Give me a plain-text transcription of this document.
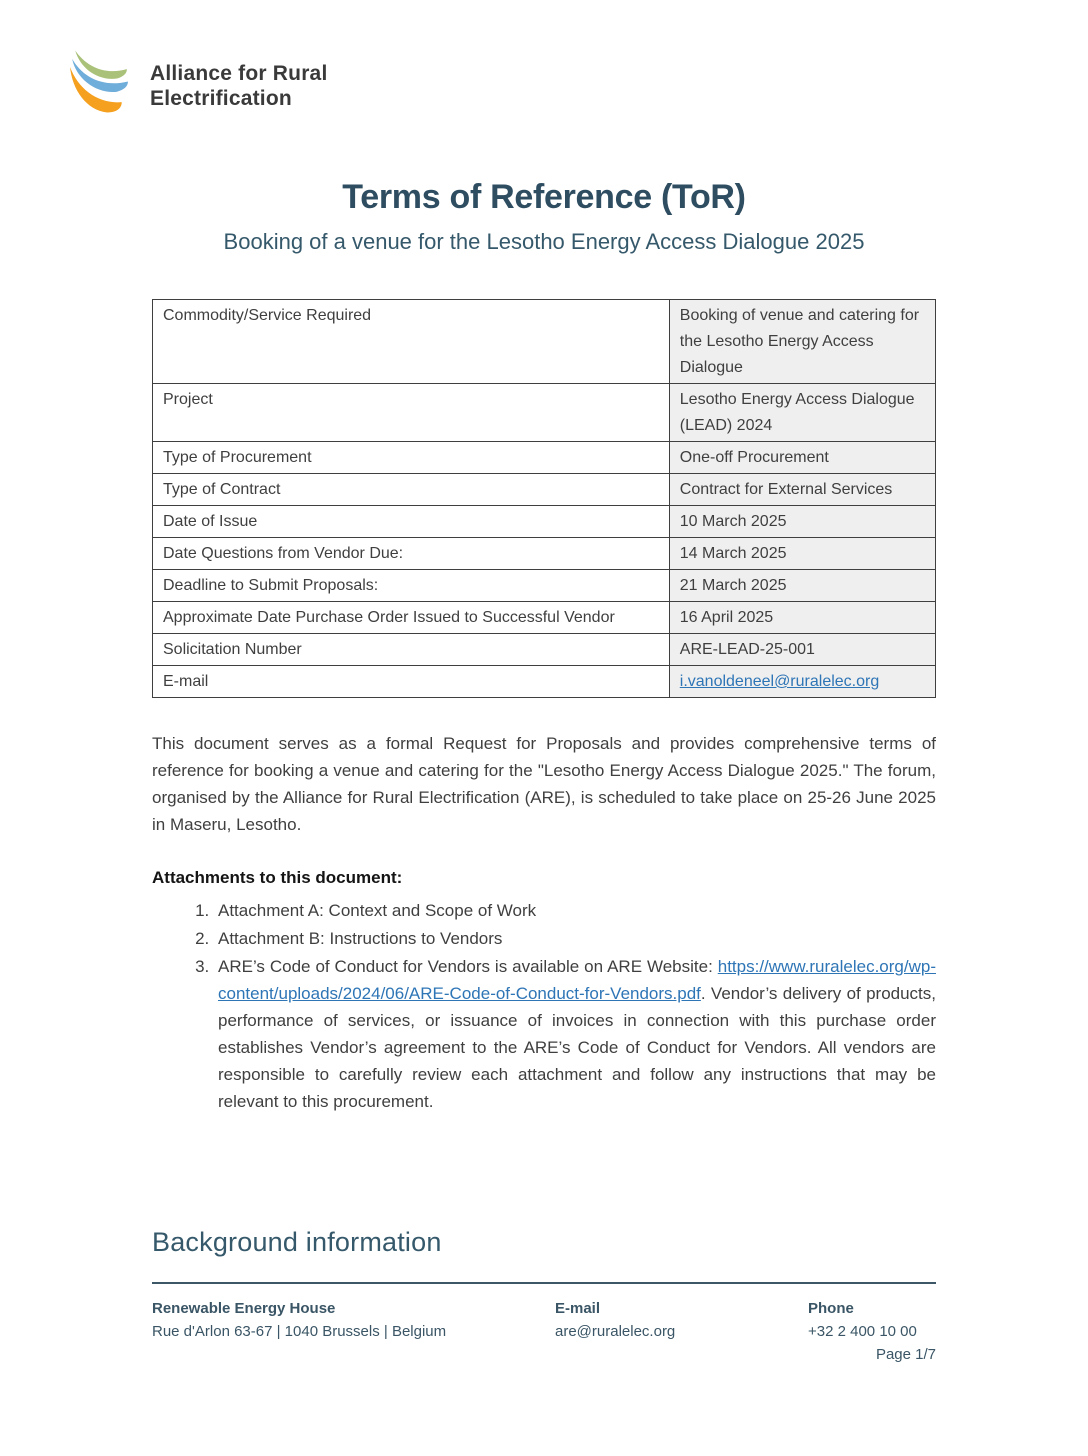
Alliance for Rural
Electrification
Terms of Reference (ToR)
Booking of a venue for the Lesotho Energy Access Dialogue 2025
Commodity/Service Required	Booking of venue and catering for the Lesotho Energy Access Dialogue

Project	Lesotho Energy Access Dialogue (LEAD) 2024

Type of Procurement	One-off Procurement

Type of Contract	Contract for External Services

Date of Issue	10 March 2025

Date Questions from Vendor Due:	14 March 2025

Deadline to Submit Proposals:	21 March 2025

Approximate Date Purchase Order Issued to Successful Vendor	16 April 2025

Solicitation Number	ARE-LEAD-25-001

E-mail	i.vanoldeneel@ruralelec.org

This document serves as a formal Request for Proposals and provides comprehensive terms of reference for booking a venue and catering for the "Lesotho Energy Access Dialogue 2025." The forum, organised by the Alliance for Rural Electrification (ARE), is scheduled to take place on 25-26 June 2025 in Maseru, Lesotho.

Attachments to this document:
1. Attachment A: Context and Scope of Work
2. Attachment B: Instructions to Vendors
3. ARE’s Code of Conduct for Vendors is available on ARE Website: https://www.ruralelec.org/wp-content/uploads/2024/06/ARE-Code-of-Conduct-for-Vendors.pdf. Vendor’s delivery of products, performance of services, or issuance of invoices in connection with this purchase order establishes Vendor’s agreement to the ARE’s Code of Conduct for Vendors. All vendors are responsible to carefully review each attachment and follow any instructions that may be relevant to this procurement.
Background information
Renewable Energy House
Rue d'Arlon 63-67 | 1040 Brussels | Belgium
E-mail
are@ruralelec.org
Phone
+32 2 400 10 00
Page 1/7
